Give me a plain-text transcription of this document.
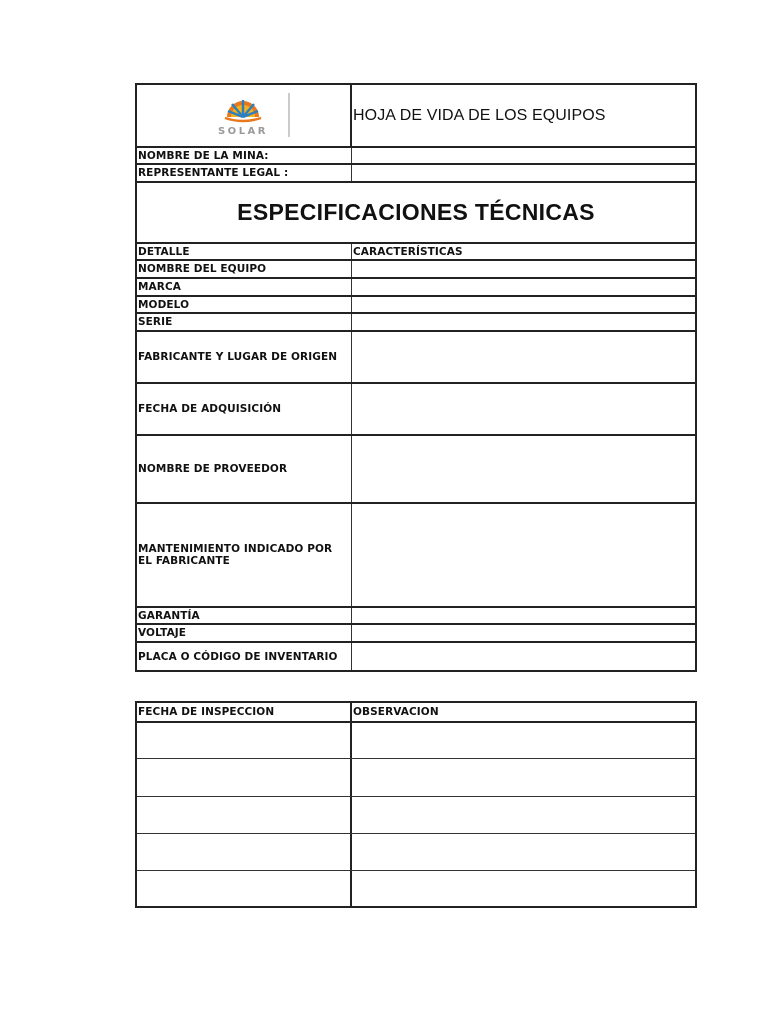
SOLAR
HOJA DE VIDA DE LOS EQUIPOS
NOMBRE DE LA MINA:
REPRESENTANTE LEGAL :
ESPECIFICACIONES TÉCNICAS
DETALLE	CARACTERÍSTICAS
NOMBRE DEL EQUIPO
MARCA
MODELO
SERIE
FABRICANTE Y LUGAR DE ORIGEN
FECHA DE ADQUISICIÓN
NOMBRE DE PROVEEDOR
MANTENIMIENTO INDICADO POR EL FABRICANTE
GARANTÍA
VOLTAJE
PLACA O CÓDIGO DE INVENTARIO
FECHA DE INSPECCION	OBSERVACION
